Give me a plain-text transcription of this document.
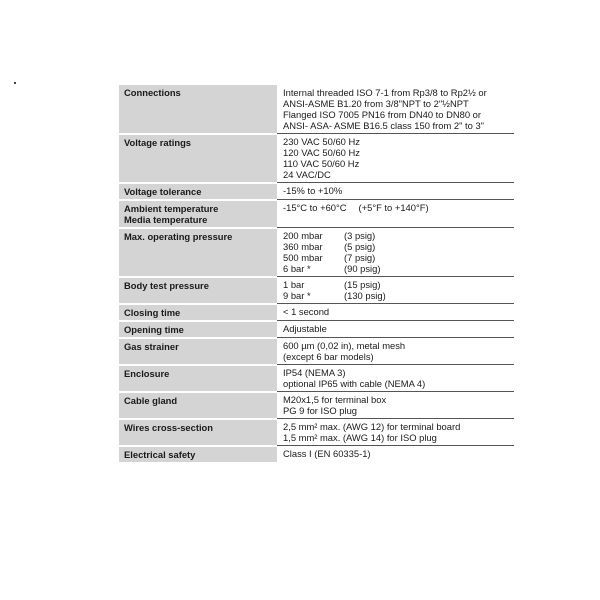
Connections	Internal threaded ISO 7-1 from Rp3/8 to Rp2½ or
ANSI-ASME B1.20 from 3/8"NPT to 2"½NPT
Flanged ISO 7005 PN16 from DN40 to DN80 or
ANSI- ASA- ASME B16.5 class 150 from 2" to 3"

Voltage ratings	230 VAC 50/60 Hz
120 VAC 50/60 Hz
110 VAC 50/60 Hz
24 VAC/DC

Voltage tolerance	-15% to +10%

Ambient temperature
Media temperature	-15°C to +60°C (+5°F to +140°F)

Max. operating pressure	200 mbar (3 psig)
360 mbar (5 psig)
500 mbar (7 psig)
6 bar * (90 psig)

Body test pressure	1 bar (15 psig)
9 bar * (130 psig)

Closing time	< 1 second

Opening time	Adjustable

Gas strainer	600 µm (0,02 in), metal mesh
(except 6 bar models)

Enclosure	IP54 (NEMA 3)
optional IP65 with cable (NEMA 4)

Cable gland	M20x1,5 for terminal box
PG 9 for ISO plug

Wires cross-section	2,5 mm² max. (AWG 12) for terminal board
1,5 mm² max. (AWG 14) for ISO plug

Electrical safety	Class I (EN 60335-1)
